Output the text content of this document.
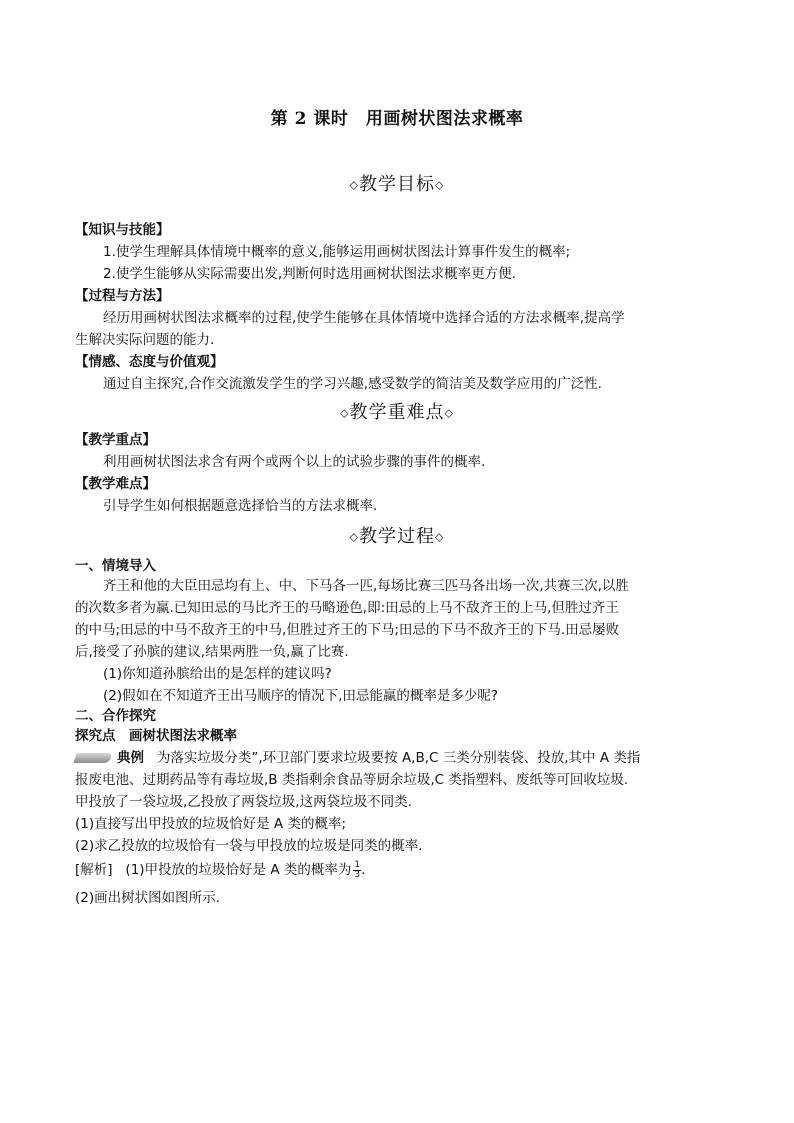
第 2 课时　用画树状图法求概率
◇教学目标◇
【知识与技能】
1.使学生理解具体情境中概率的意义,能够运用画树状图法计算事件发生的概率;
2.使学生能够从实际需要出发,判断何时选用画树状图法求概率更方便.
【过程与方法】
经历用画树状图法求概率的过程,使学生能够在具体情境中选择合适的方法求概率,提高学
生解决实际问题的能力.
【情感、态度与价值观】
通过自主探究,合作交流激发学生的学习兴趣,感受数学的简洁美及数学应用的广泛性.
◇教学重难点◇
【教学重点】
利用画树状图法求含有两个或两个以上的试验步骤的事件的概率.
【教学难点】
引导学生如何根据题意选择恰当的方法求概率.
◇教学过程◇
一、情境导入
齐王和他的大臣田忌均有上、中、下马各一匹,每场比赛三匹马各出场一次,共赛三次,以胜
的次数多者为赢.已知田忌的马比齐王的马略逊色,即:田忌的上马不敌齐王的上马,但胜过齐王
的中马;田忌的中马不敌齐王的中马,但胜过齐王的下马;田忌的下马不敌齐王的下马.田忌屡败
后,接受了孙膑的建议,结果两胜一负,赢了比赛.
(1)你知道孙膑给出的是怎样的建议吗?
(2)假如在不知道齐王出马顺序的情况下,田忌能赢的概率是多少呢?
二、合作探究
探究点　画树状图法求概率
典例 为落实垃圾分类”,环卫部门要求垃圾要按 A,B,C 三类分别装袋、投放,其中 A 类指
报废电池、过期药品等有毒垃圾,B 类指剩余食品等厨余垃圾,C 类指塑料、废纸等可回收垃圾.
甲投放了一袋垃圾,乙投放了两袋垃圾,这两袋垃圾不同类.
(1)直接写出甲投放的垃圾恰好是 A 类的概率;
(2)求乙投放的垃圾恰有一袋与甲投放的垃圾是同类的概率.
[解析] (1)甲投放的垃圾恰好是 A 类的概率为 $\frac{1}{3}$ .
(2)画出树状图如图所示.
